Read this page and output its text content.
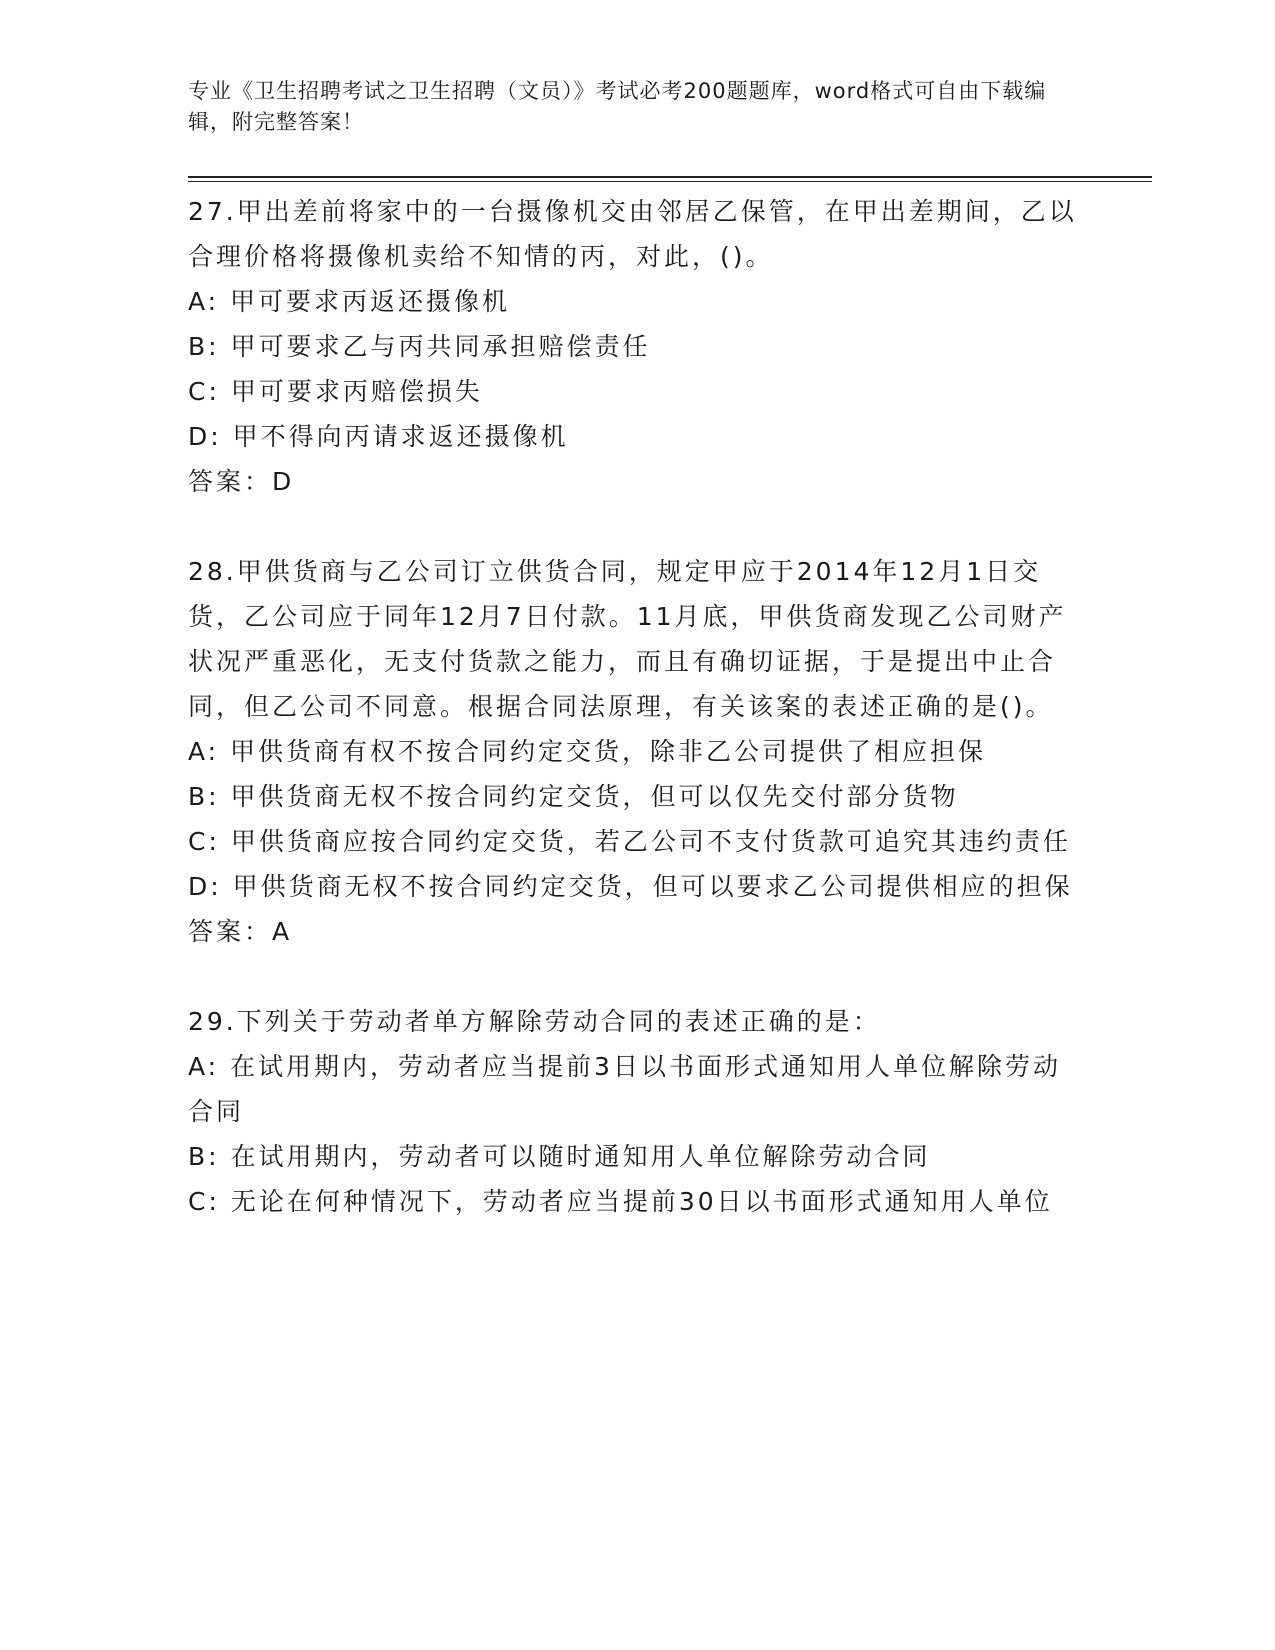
专业《卫生招聘考试之卫生招聘（文员）》考试必考200题题库，word格式可自由下载编辑，附完整答案！

27.甲出差前将家中的一台摄像机交由邻居乙保管，在甲出差期间，乙以合理价格将摄像机卖给不知情的丙，对此，()。

A: 甲可要求丙返还摄像机

B: 甲可要求乙与丙共同承担赔偿责任

C: 甲可要求丙赔偿损失

D: 甲不得向丙请求返还摄像机

答案：D

28.甲供货商与乙公司订立供货合同，规定甲应于2014年12月1日交货，乙公司应于同年12月7日付款。11月底，甲供货商发现乙公司财产状况严重恶化，无支付货款之能力，而且有确切证据，于是提出中止合同，但乙公司不同意。根据合同法原理，有关该案的表述正确的是()。

A: 甲供货商有权不按合同约定交货，除非乙公司提供了相应担保

B: 甲供货商无权不按合同约定交货，但可以仅先交付部分货物

C: 甲供货商应按合同约定交货，若乙公司不支付货款可追究其违约责任

D: 甲供货商无权不按合同约定交货，但可以要求乙公司提供相应的担保

答案：A

29.下列关于劳动者单方解除劳动合同的表述正确的是：

A: 在试用期内，劳动者应当提前3日以书面形式通知用人单位解除劳动合同

B: 在试用期内，劳动者可以随时通知用人单位解除劳动合同

C: 无论在何种情况下，劳动者应当提前30日以书面形式通知用人单位
